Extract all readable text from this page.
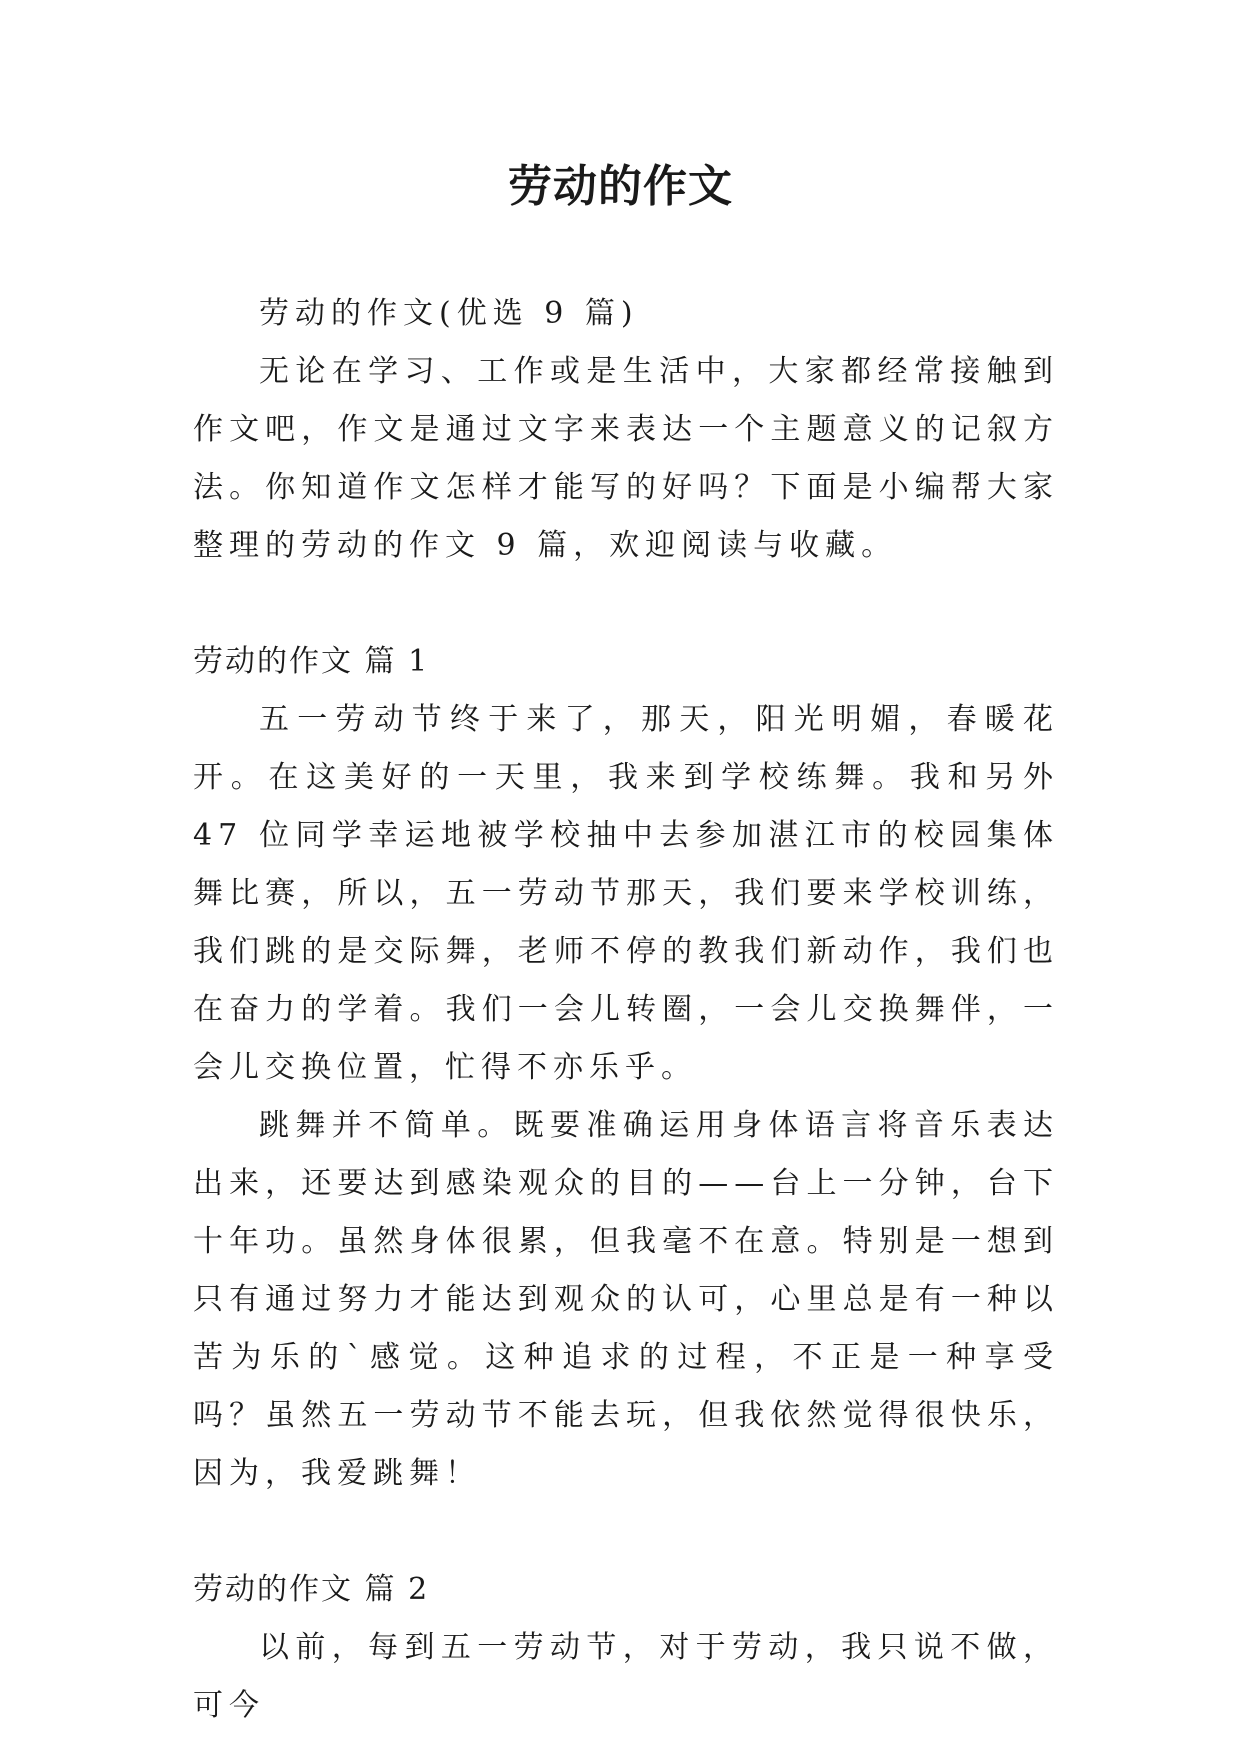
劳动的作文

劳动的作文(优选 9 篇)

无论在学习、工作或是生活中，大家都经常接触到作文吧，作文是通过文字来表达一个主题意义的记叙方法。你知道作文怎样才能写的好吗？下面是小编帮大家整理的劳动的作文 9 篇，欢迎阅读与收藏。

劳动的作文 篇 1

五一劳动节终于来了，那天，阳光明媚，春暖花开。在这美好的一天里，我来到学校练舞。我和另外 47 位同学幸运地被学校抽中去参加湛江市的校园集体舞比赛，所以，五一劳动节那天，我们要来学校训练，我们跳的是交际舞，老师不停的教我们新动作，我们也在奋力的学着。我们一会儿转圈，一会儿交换舞伴，一会儿交换位置，忙得不亦乐乎。

跳舞并不简单。既要准确运用身体语言将音乐表达出来，还要达到感染观众的目的——台上一分钟，台下十年功。虽然身体很累，但我毫不在意。特别是一想到只有通过努力才能达到观众的认可，心里总是有一种以苦为乐的`感觉。这种追求的过程，不正是一种享受吗？虽然五一劳动节不能去玩，但我依然觉得很快乐，因为，我爱跳舞！

劳动的作文 篇 2

以前，每到五一劳动节，对于劳动，我只说不做，可今
